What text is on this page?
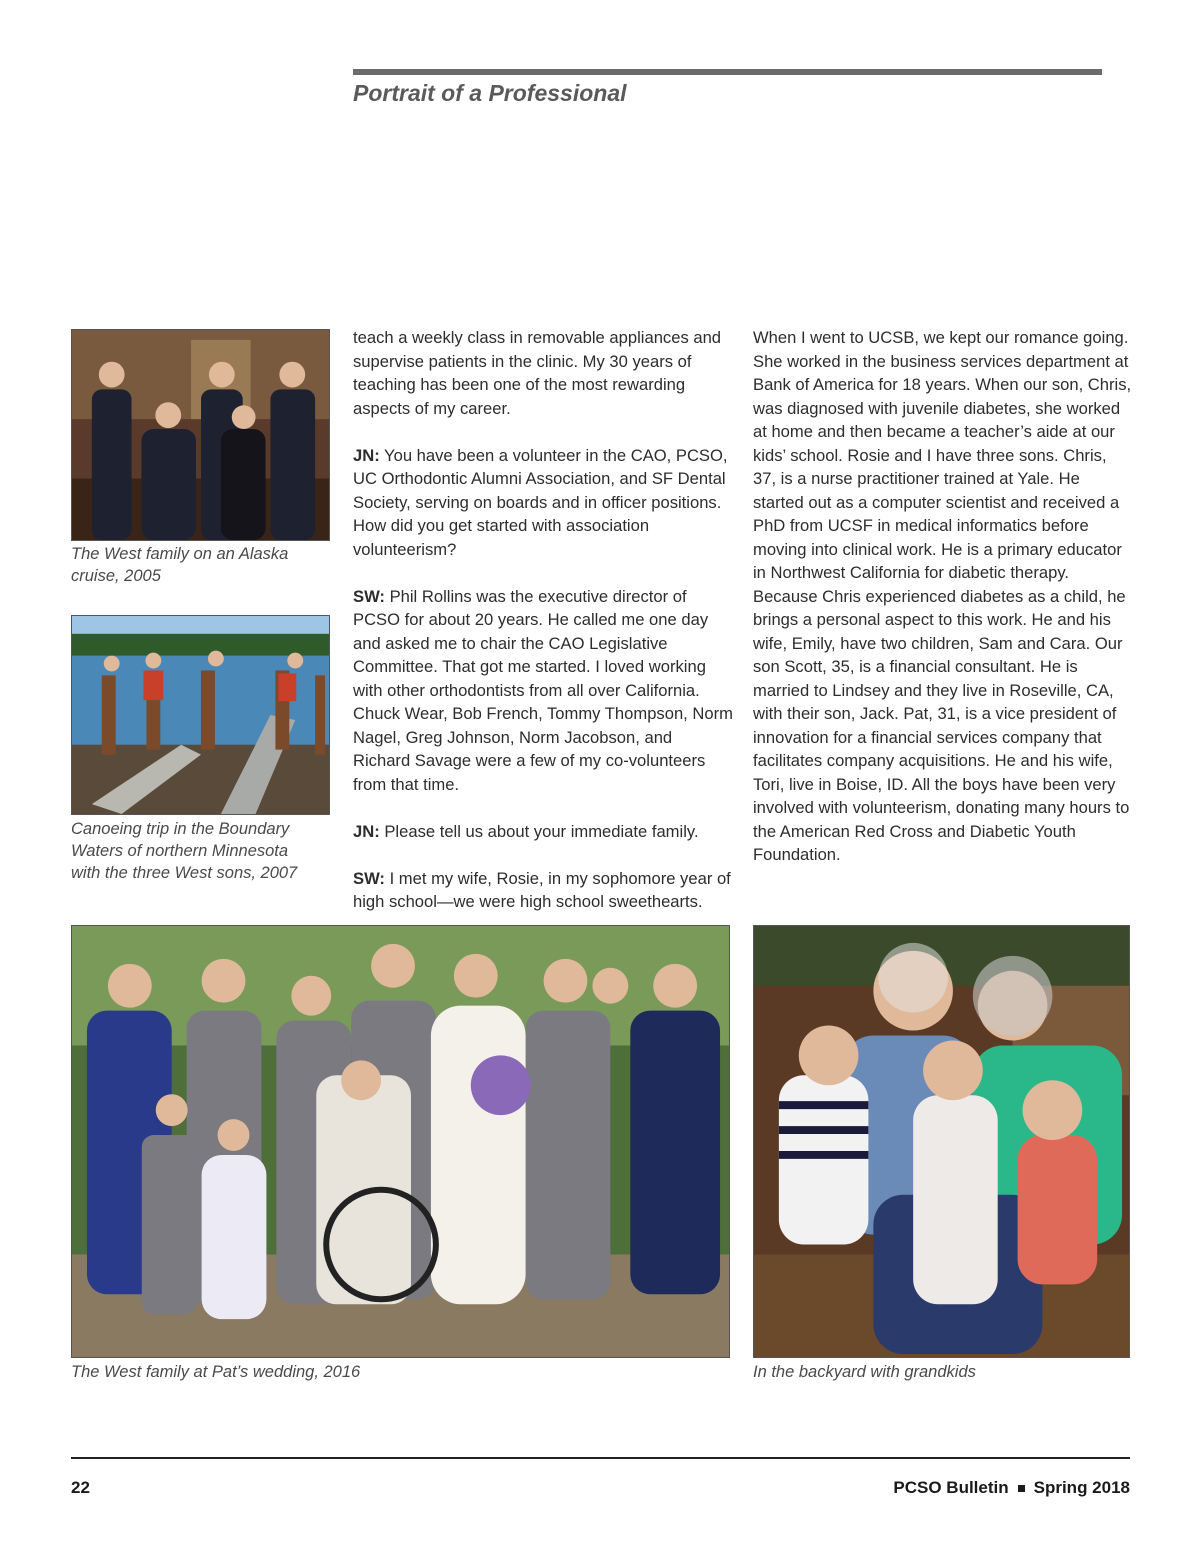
Portrait of a Professional

The West family on an Alaska cruise, 2005

Canoeing trip in the Boundary Waters of northern Minnesota with the three West sons, 2007

teach a weekly class in removable appliances and supervise patients in the clinic. My 30 years of teaching has been one of the most rewarding aspects of my career.

JN: You have been a volunteer in the CAO, PCSO, UC Orthodontic Alumni Association, and SF Dental Society, serving on boards and in officer positions. How did you get started with association volunteerism?

SW: Phil Rollins was the executive director of PCSO for about 20 years. He called me one day and asked me to chair the CAO Legislative Committee. That got me started. I loved working with other orthodontists from all over California. Chuck Wear, Bob French, Tommy Thompson, Norm Nagel, Greg Johnson, Norm Jacobson, and Richard Savage were a few of my co-volunteers from that time.

JN: Please tell us about your immediate family.

SW: I met my wife, Rosie, in my sophomore year of high school—we were high school sweethearts.

When I went to UCSB, we kept our romance going. She worked in the business services department at Bank of America for 18 years. When our son, Chris, was diagnosed with juvenile diabetes, she worked at home and then became a teacher’s aide at our kids’ school. Rosie and I have three sons. Chris, 37, is a nurse practitioner trained at Yale. He started out as a computer scientist and received a PhD from UCSF in medical informatics before moving into clinical work. He is a primary educator in Northwest California for diabetic therapy. Because Chris experienced diabetes as a child, he brings a personal aspect to this work. He and his wife, Emily, have two children, Sam and Cara. Our son Scott, 35, is a financial consultant. He is married to Lindsey and they live in Roseville, CA, with their son, Jack. Pat, 31, is a vice president of innovation for a financial services company that facilitates company acquisitions. He and his wife, Tori, live in Boise, ID. All the boys have been very involved with volunteerism, donating many hours to the American Red Cross and Diabetic Youth Foundation.

The West family at Pat’s wedding, 2016	In the backyard with grandkids

22	PCSO Bulletin Spring 2018
